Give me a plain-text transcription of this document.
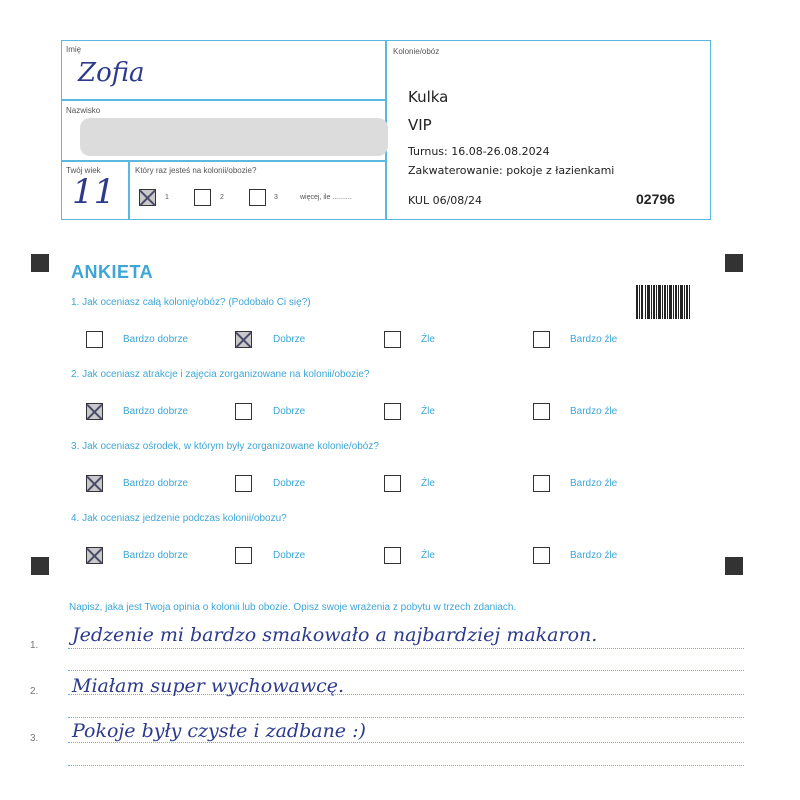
Imię
Zofia
Nazwisko
Twój wiek
11
Który raz jesteś na kolonii/obozie?
1	2	3	więcej, ile ..........
Kolonie/obóz
Kulka
VIP
Turnus: 16.08-26.08.2024
Zakwaterowanie: pokoje z łazienkami
KUL 06/08/24	02796
ANKIETA
1. Jak oceniasz całą kolonię/obóz? (Podobało Ci się?)
Bardzo dobrze	Dobrze	Źle	Bardzo źle
2. Jak oceniasz atrakcje i zajęcia zorganizowane na kolonii/obozie?
Bardzo dobrze	Dobrze	Źle	Bardzo źle
3. Jak oceniasz ośrodek, w którym były zorganizowane kolonie/obóz?
Bardzo dobrze	Dobrze	Źle	Bardzo źle
4. Jak oceniasz jedzenie podczas kolonii/obozu?
Bardzo dobrze	Dobrze	Źle	Bardzo źle
Napisz, jaka jest Twoja opinia o kolonii lub obozie. Opisz swoje wrażenia z pobytu w trzech zdaniach.
1. Jedzenie mi bardzo smakowało a najbardziej makaron.
2. Miałam super wychowawcę.
3. Pokoje były czyste i zadbane :)
